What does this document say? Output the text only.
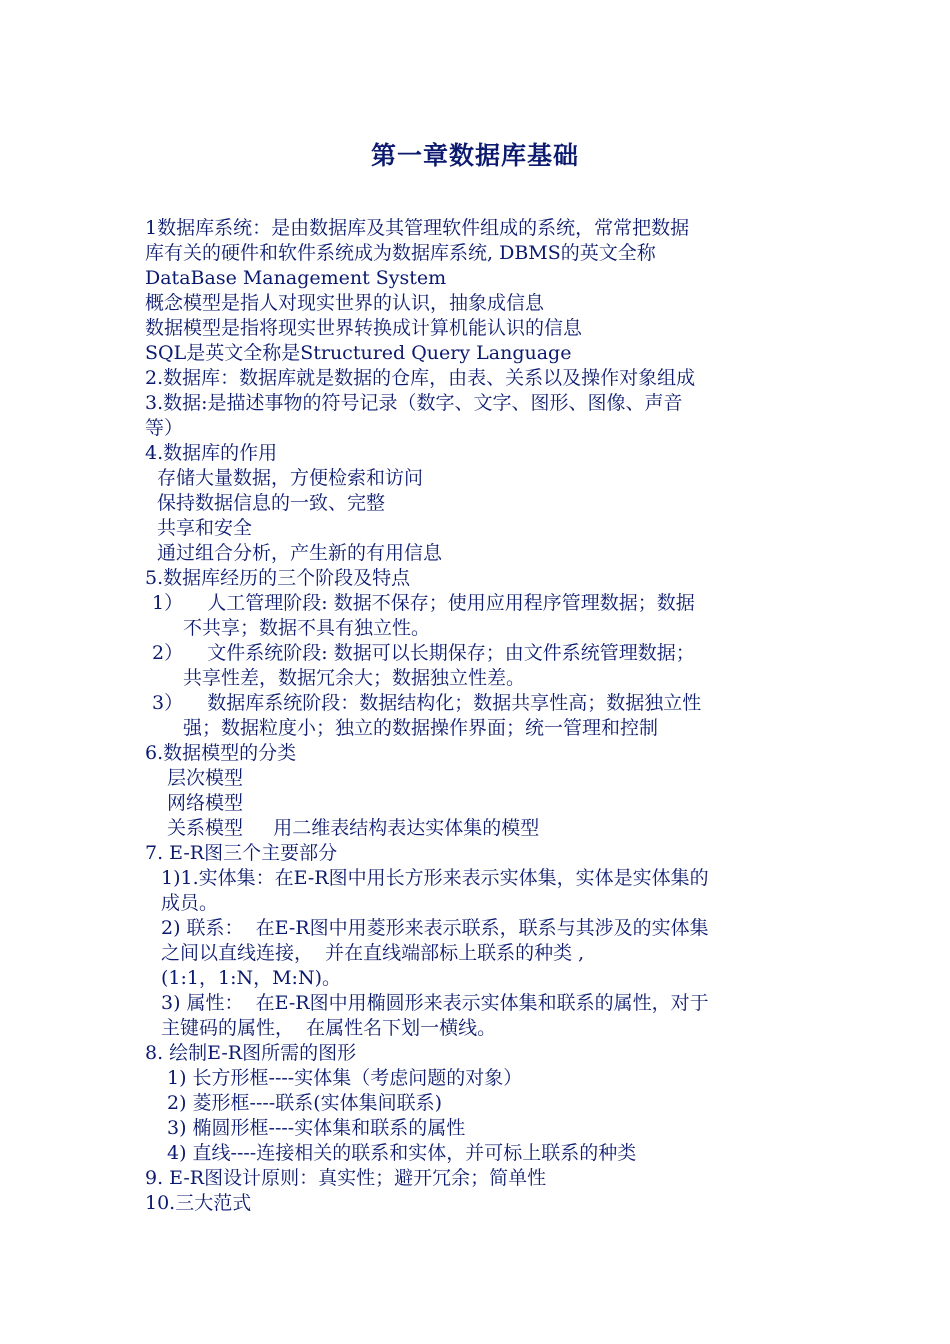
第一章数据库基础
1数据库系统：是由数据库及其管理软件组成的系统，常常把数据
库有关的硬件和软件系统成为数据库系统, DBMS的英文全称
DataBase Management System
概念模型是指人对现实世界的认识，抽象成信息
数据模型是指将现实世界转换成计算机能认识的信息
SQL是英文全称是Structured Query Language
2.数据库：数据库就是数据的仓库，由表、关系以及操作对象组成
3.数据:是描述事物的符号记录（数字、文字、图形、图像、声音
等）
4.数据库的作用
存储大量数据，方便检索和访问
保持数据信息的一致、完整
共享和安全
通过组合分析，产生新的有用信息
5.数据库经历的三个阶段及特点
1）    人工管理阶段: 数据不保存；使用应用程序管理数据；数据
不共享；数据不具有独立性。
2）    文件系统阶段: 数据可以长期保存；由文件系统管理数据；
共享性差，数据冗余大；数据独立性差。
3）    数据库系统阶段：数据结构化；数据共享性高；数据独立性
强；数据粒度小；独立的数据操作界面；统一管理和控制
6.数据模型的分类
层次模型
网络模型
关系模型     用二维表结构表达实体集的模型
7. E-R图三个主要部分
1)1.实体集：在E-R图中用长方形来表示实体集，实体是实体集的
成员。
2) 联系：  在E-R图中用菱形来表示联系，联系与其涉及的实体集
之间以直线连接，  并在直线端部标上联系的种类 ,
(1:1，1:N，M:N)。
3) 属性：  在E-R图中用椭圆形来表示实体集和联系的属性，对于
主键码的属性，  在属性名下划一横线。
8. 绘制E-R图所需的图形
1) 长方形框----实体集（考虑问题的对象）
2) 菱形框----联系(实体集间联系)
3) 椭圆形框----实体集和联系的属性
4) 直线----连接相关的联系和实体，并可标上联系的种类
9. E-R图设计原则：真实性；避开冗余；简单性
10.三大范式
